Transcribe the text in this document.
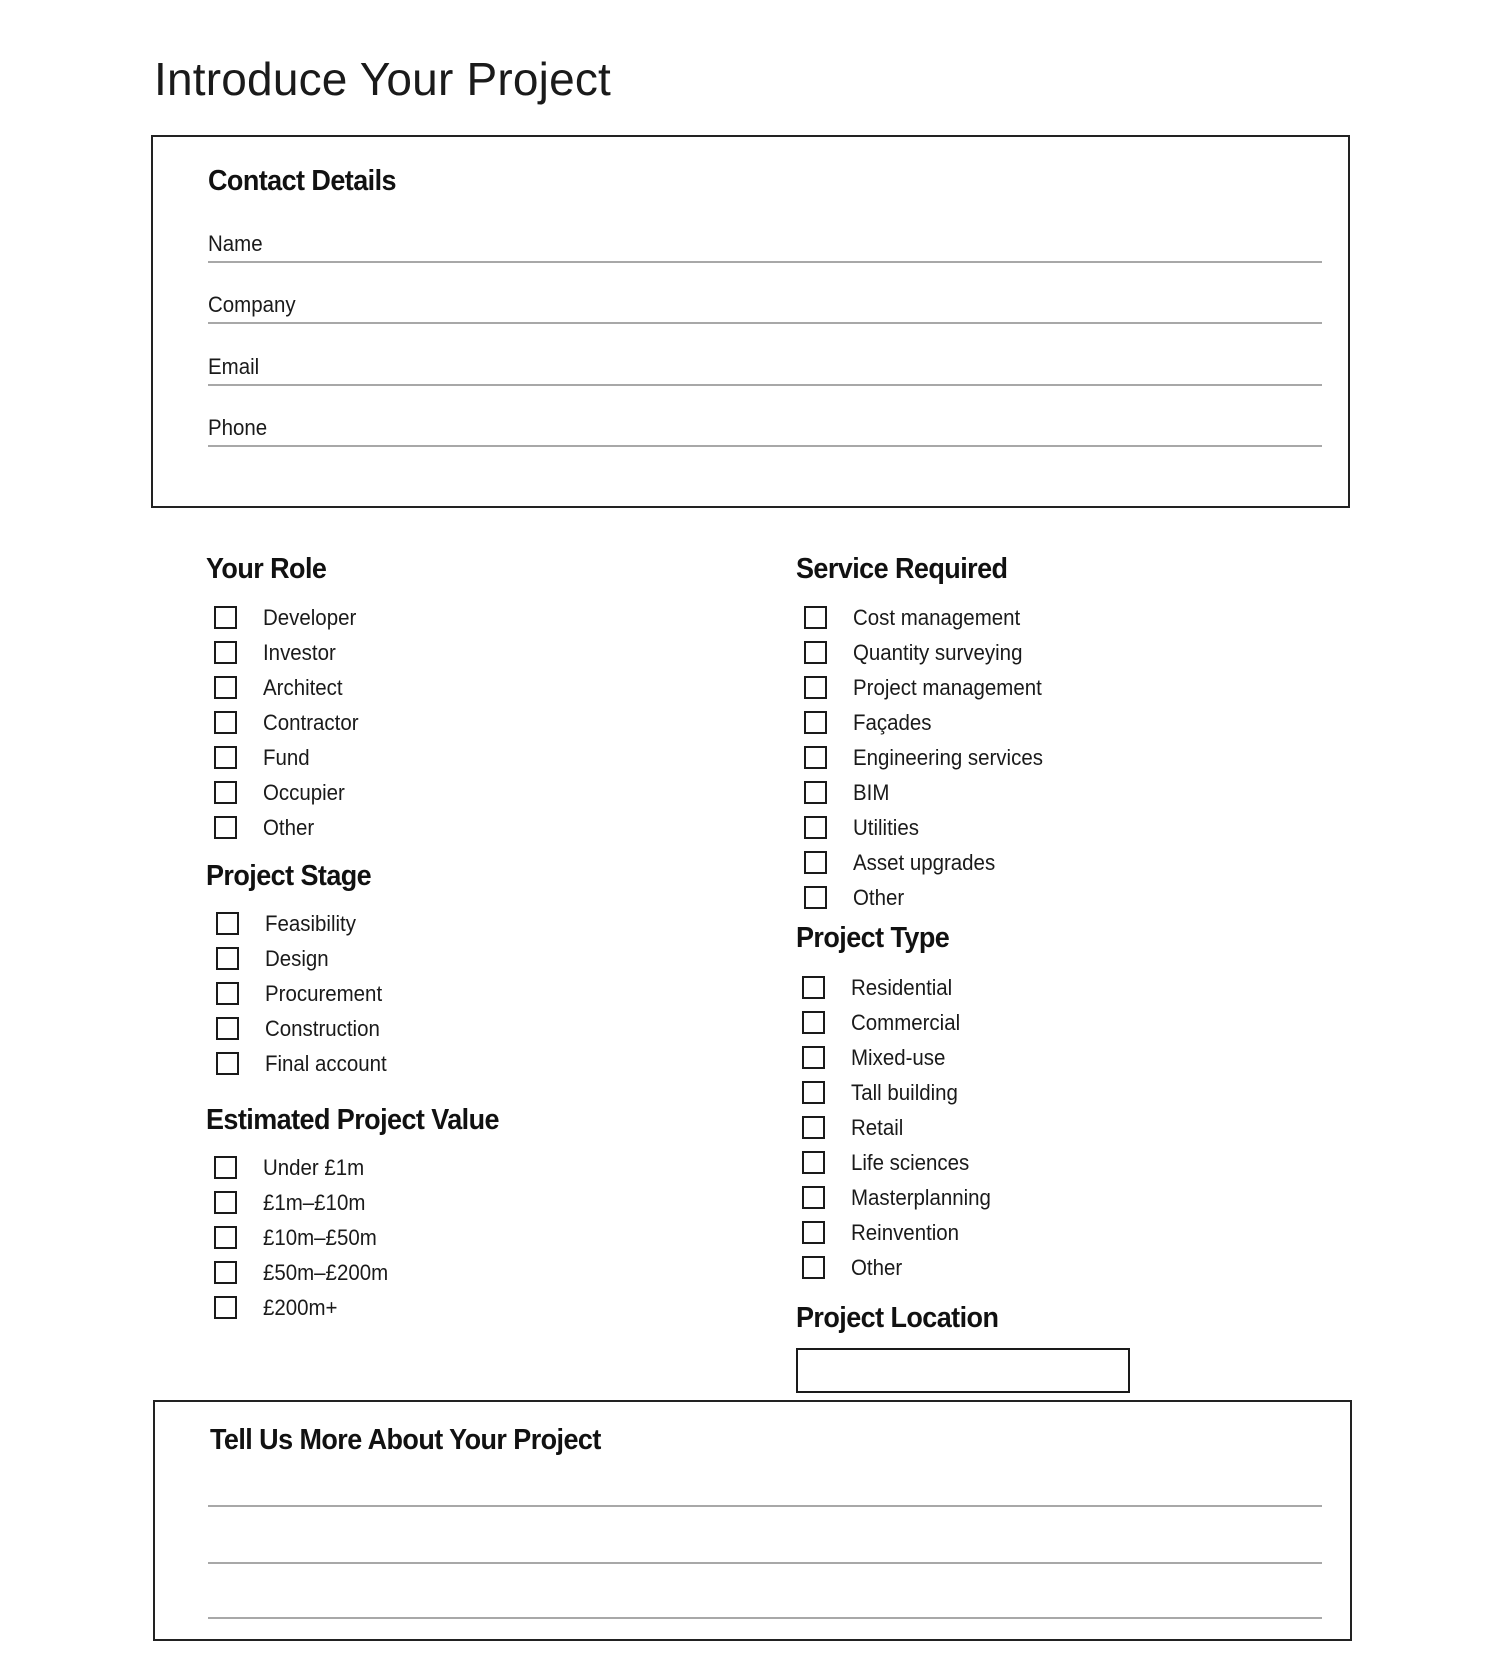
Introduce Your Project
Contact Details
Name
Company
Email
Phone
Your Role
Developer
Investor
Architect
Contractor
Fund
Occupier
Other
Project Stage
Feasibility
Design
Procurement
Construction
Final account
Estimated Project Value
Under £1m
£1m–£10m
£10m–£50m
£50m–£200m
£200m+
Service Required
Cost management
Quantity surveying
Project management
Façades
Engineering services
BIM
Utilities
Asset upgrades
Other
Project Type
Residential
Commercial
Mixed-use
Tall building
Retail
Life sciences
Masterplanning
Reinvention
Other
Project Location
Tell Us More About Your Project
